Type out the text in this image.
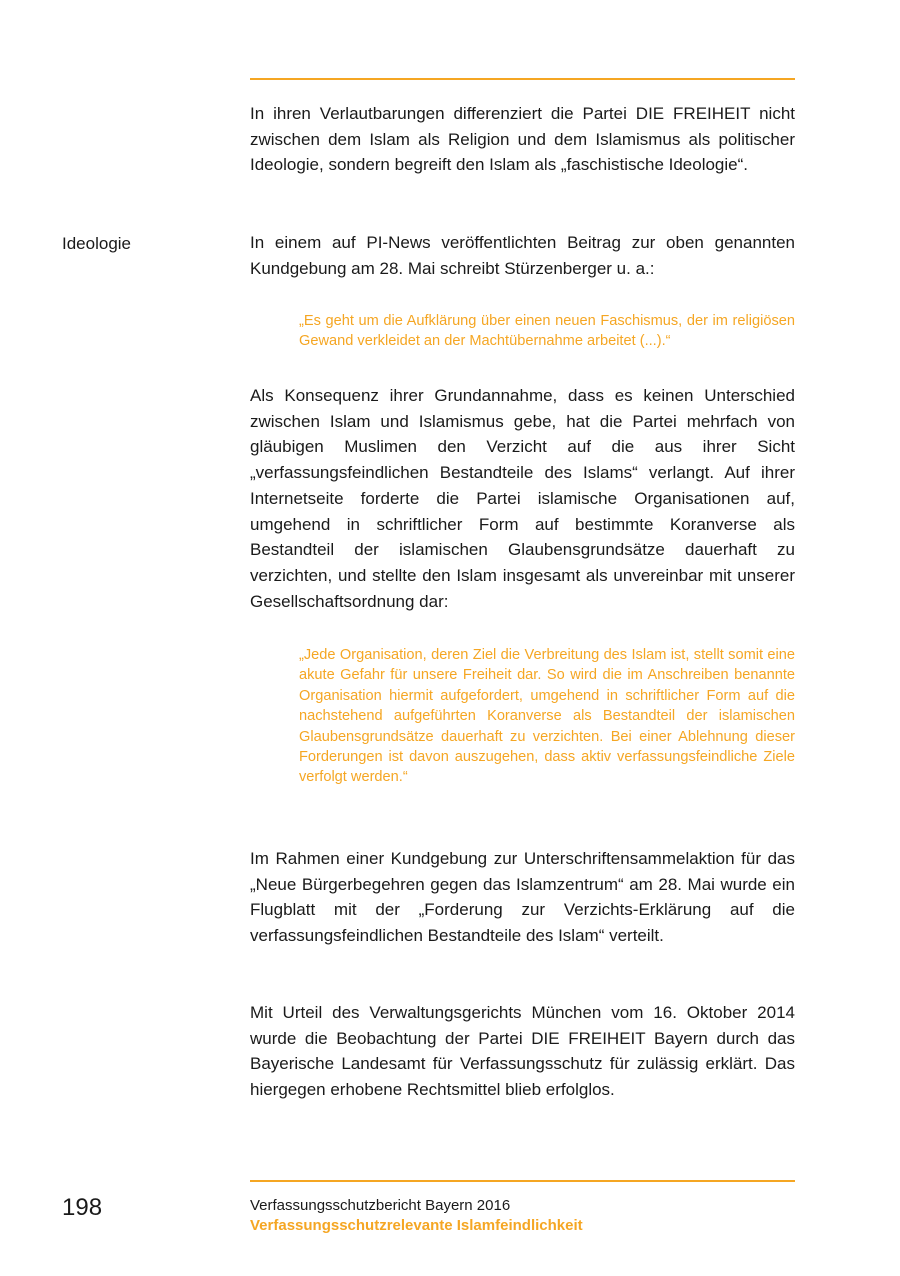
In ihren Verlautbarungen differenziert die Partei DIE FREIHEIT nicht zwischen dem Islam als Religion und dem Islamismus als politischer Ideologie, sondern begreift den Islam als „faschistische Ideologie“.

Ideologie	In einem auf PI-News veröffentlichten Beitrag zur oben genannten Kundgebung am 28. Mai schreibt Stürzenberger u. a.:

„Es geht um die Aufklärung über einen neuen Faschismus, der im religiösen Gewand verkleidet an der Machtübernahme arbeitet (...).“

Als Konsequenz ihrer Grundannahme, dass es keinen Unterschied zwischen Islam und Islamismus gebe, hat die Partei mehrfach von gläubigen Muslimen den Verzicht auf die aus ihrer Sicht „verfassungsfeindlichen Bestandteile des Islams“ verlangt. Auf ihrer Internetseite forderte die Partei islamische Organisationen auf, umgehend in schriftlicher Form auf bestimmte Koranverse als Bestandteil der islamischen Glaubensgrundsätze dauerhaft zu verzichten, und stellte den Islam insgesamt als unvereinbar mit unserer Gesellschaftsordnung dar:

„Jede Organisation, deren Ziel die Verbreitung des Islam ist, stellt somit eine akute Gefahr für unsere Freiheit dar. So wird die im Anschreiben benannte Organisation hiermit aufgefordert, umgehend in schriftlicher Form auf die nachstehend aufgeführten Koranverse als Bestandteil der islamischen Glaubensgrundsätze dauerhaft zu verzichten. Bei einer Ablehnung dieser Forderungen ist davon auszugehen, dass aktiv verfassungsfeindliche Ziele verfolgt werden.“

Im Rahmen einer Kundgebung zur Unterschriftensammelaktion für das „Neue Bürgerbegehren gegen das Islamzentrum“ am 28. Mai wurde ein Flugblatt mit der „Forderung zur Verzichts-Erklärung auf die verfassungsfeindlichen Bestandteile des Islam“ verteilt.

Mit Urteil des Verwaltungsgerichts München vom 16. Oktober 2014 wurde die Beobachtung der Partei DIE FREIHEIT Bayern durch das Bayerische Landesamt für Verfassungsschutz für zulässig erklärt. Das hiergegen erhobene Rechtsmittel blieb erfolglos.

198	Verfassungsschutzbericht Bayern 2016

Verfassungsschutzrelevante Islamfeindlichkeit
